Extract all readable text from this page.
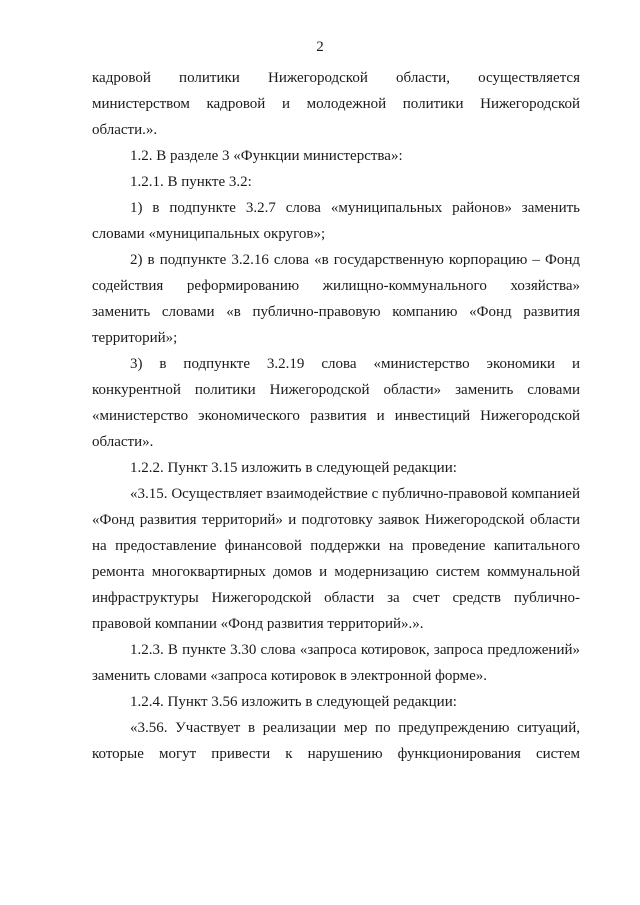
2

кадровой политики Нижегородской области, осуществляется министерством кадровой и молодежной политики Нижегородской области.».

1.2. В разделе 3 «Функции министерства»:

1.2.1. В пункте 3.2:

1) в подпункте 3.2.7 слова «муниципальных районов» заменить словами «муниципальных округов»;

2) в подпункте 3.2.16 слова «в государственную корпорацию – Фонд содействия реформированию жилищно-коммунального хозяйства» заменить словами «в публично-правовую компанию «Фонд развития территорий»;

3) в подпункте 3.2.19 слова «министерство экономики и конкурентной политики Нижегородской области» заменить словами «министерство экономического развития и инвестиций Нижегородской области».

1.2.2. Пункт 3.15 изложить в следующей редакции:

«3.15. Осуществляет взаимодействие с публично-правовой компанией «Фонд развития территорий» и подготовку заявок Нижегородской области на предоставление финансовой поддержки на проведение капитального ремонта многоквартирных домов и модернизацию систем коммунальной инфраструктуры Нижегородской области за счет средств публично-правовой компании «Фонд развития территорий».».

1.2.3. В пункте 3.30 слова «запроса котировок, запроса предложений» заменить словами «запроса котировок в электронной форме».

1.2.4. Пункт 3.56 изложить в следующей редакции:

«3.56. Участвует в реализации мер по предупреждению ситуаций, которые могут привести к нарушению функционирования систем
